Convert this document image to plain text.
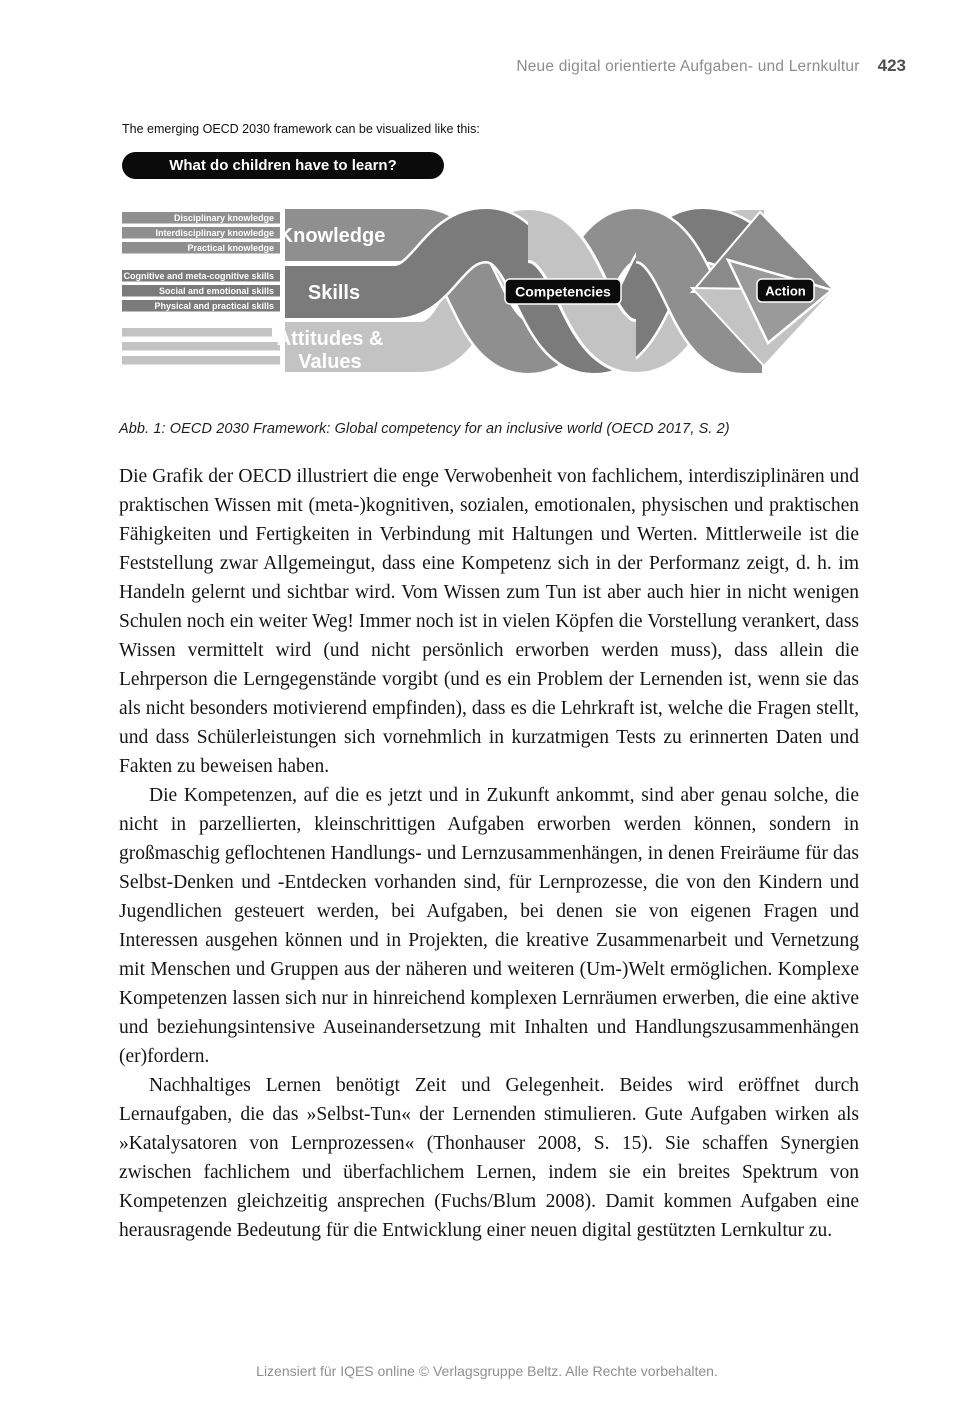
Neue digital orientierte Aufgaben- und Lernkultur 423
The emerging OECD 2030 framework can be visualized like this:
What do children have to learn?
Disciplinary knowledge
Interdisciplinary knowledge
Practical knowledge
Cognitive and meta-cognitive skills
Social and emotional skills
Physical and practical skills
Knowledge
Skills
Attitudes &
Values
Competencies	Action
Abb. 1: OECD 2030 Framework: Global competency for an inclusive world (OECD 2017, S. 2)

Die Grafik der OECD illustriert die enge Verwobenheit von fachlichem, interdisziplinären und praktischen Wissen mit (meta-)kognitiven, sozialen, emotionalen, physischen und praktischen Fähigkeiten und Fertigkeiten in Verbindung mit Haltungen und Werten. Mittlerweile ist die Feststellung zwar Allgemeingut, dass eine Kompetenz sich in der Performanz zeigt, d. h. im Handeln gelernt und sichtbar wird. Vom Wissen zum Tun ist aber auch hier in nicht wenigen Schulen noch ein weiter Weg! Immer noch ist in vielen Köpfen die Vorstellung verankert, dass Wissen vermittelt wird (und nicht persönlich erworben werden muss), dass allein die Lehrperson die Lerngegenstände vorgibt (und es ein Problem der Lernenden ist, wenn sie das als nicht besonders motivierend empfinden), dass es die Lehrkraft ist, welche die Fragen stellt, und dass Schülerleistungen sich vornehmlich in kurzatmigen Tests zu erinnerten Daten und Fakten zu beweisen haben.

Die Kompetenzen, auf die es jetzt und in Zukunft ankommt, sind aber genau solche, die nicht in parzellierten, kleinschrittigen Aufgaben erworben werden können, sondern in großmaschig geflochtenen Handlungs- und Lernzusammenhängen, in denen Freiräume für das Selbst-Denken und -Entdecken vorhanden sind, für Lernprozesse, die von den Kindern und Jugendlichen gesteuert werden, bei Aufgaben, bei denen sie von eigenen Fragen und Interessen ausgehen können und in Projekten, die kreative Zusammenarbeit und Vernetzung mit Menschen und Gruppen aus der näheren und weiteren (Um-)Welt ermöglichen. Komplexe Kompetenzen lassen sich nur in hinreichend komplexen Lernräumen erwerben, die eine aktive und beziehungsintensive Auseinandersetzung mit Inhalten und Handlungszusammenhängen (er)fordern.

Nachhaltiges Lernen benötigt Zeit und Gelegenheit. Beides wird eröffnet durch Lernaufgaben, die das »Selbst-Tun« der Lernenden stimulieren. Gute Aufgaben wirken als »Katalysatoren von Lernprozessen« (Thonhauser 2008, S. 15). Sie schaffen Synergien zwischen fachlichem und überfachlichem Lernen, indem sie ein breites Spektrum von Kompetenzen gleichzeitig ansprechen (Fuchs/Blum 2008). Damit kommen Aufgaben eine herausragende Bedeutung für die Entwicklung einer neuen digital gestützten Lernkultur zu.

Lizensiert für IQES online © Verlagsgruppe Beltz. Alle Rechte vorbehalten.
